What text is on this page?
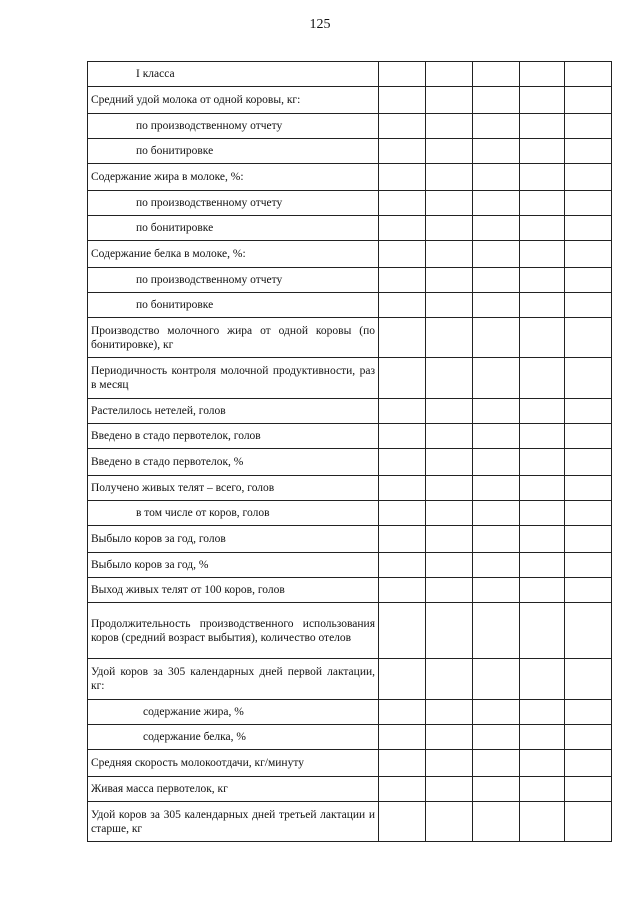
125
I класса					
Средний удой молока от одной коровы, кг:					
по производственному отчету					
по бонитировке					
Содержание жира в молоке, %:					
по производственному отчету					
по бонитировке					
Содержание белка в молоке, %:					
по производственному отчету					
по бонитировке					
Производство молочного жира от одной коровы (по бонитировке), кг					
Периодичность контроля молочной продуктивности, раз в месяц					
Растелилось нетелей, голов					
Введено в стадо первотелок, голов					
Введено в стадо первотелок, %					
Получено живых телят – всего, голов					
в том числе от коров, голов					
Выбыло коров за год, голов					
Выбыло коров за год, %					
Выход живых телят от 100 коров, голов					
Продолжительность производственного использования коров (средний возраст выбытия), количество отелов					
Удой коров за 305 календарных дней первой лактации, кг:					
содержание жира, %					
содержание белка, %					
Средняя скорость молокоотдачи, кг/минуту					
Живая масса первотелок, кг					
Удой коров за 305 календарных дней третьей лактации и старше, кг					
